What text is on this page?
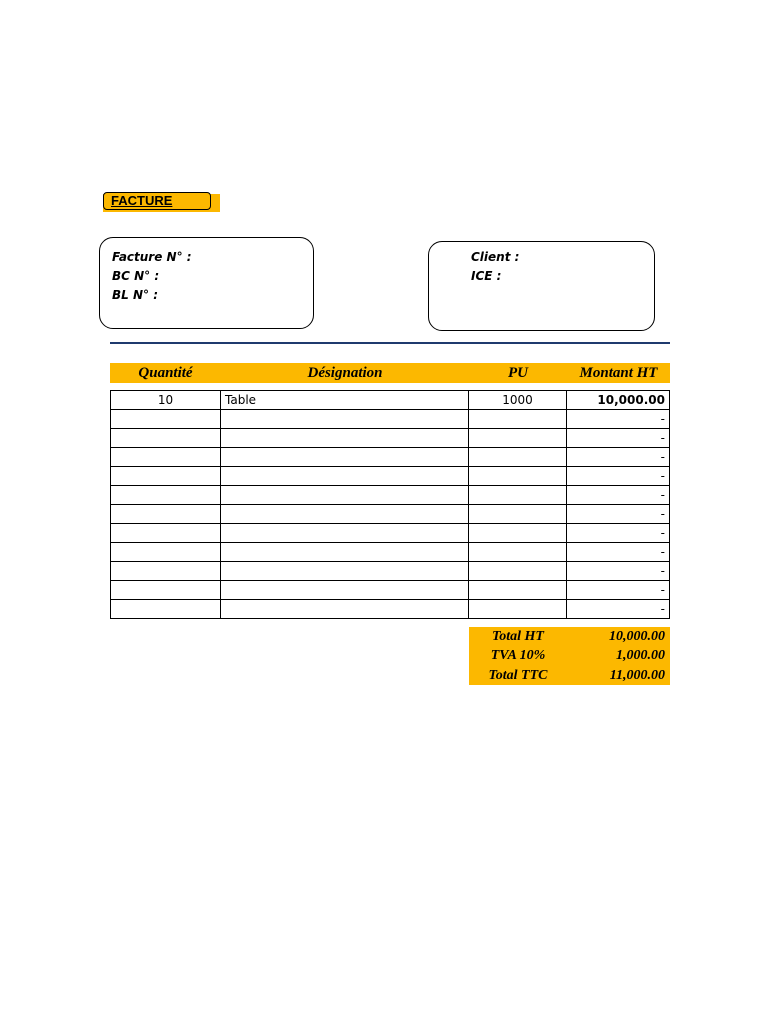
FACTURE
Facture N° :
BC N° :
BL N° :
Client :
ICE :
Quantité	Désignation	PU	Montant HT
10	Table	1000	10,000.00
			-
			-
			-
			-
			-
			-
			-
			-
			-
			-
			-
Total HT	10,000.00
TVA 10%	1,000.00
Total TTC	11,000.00
